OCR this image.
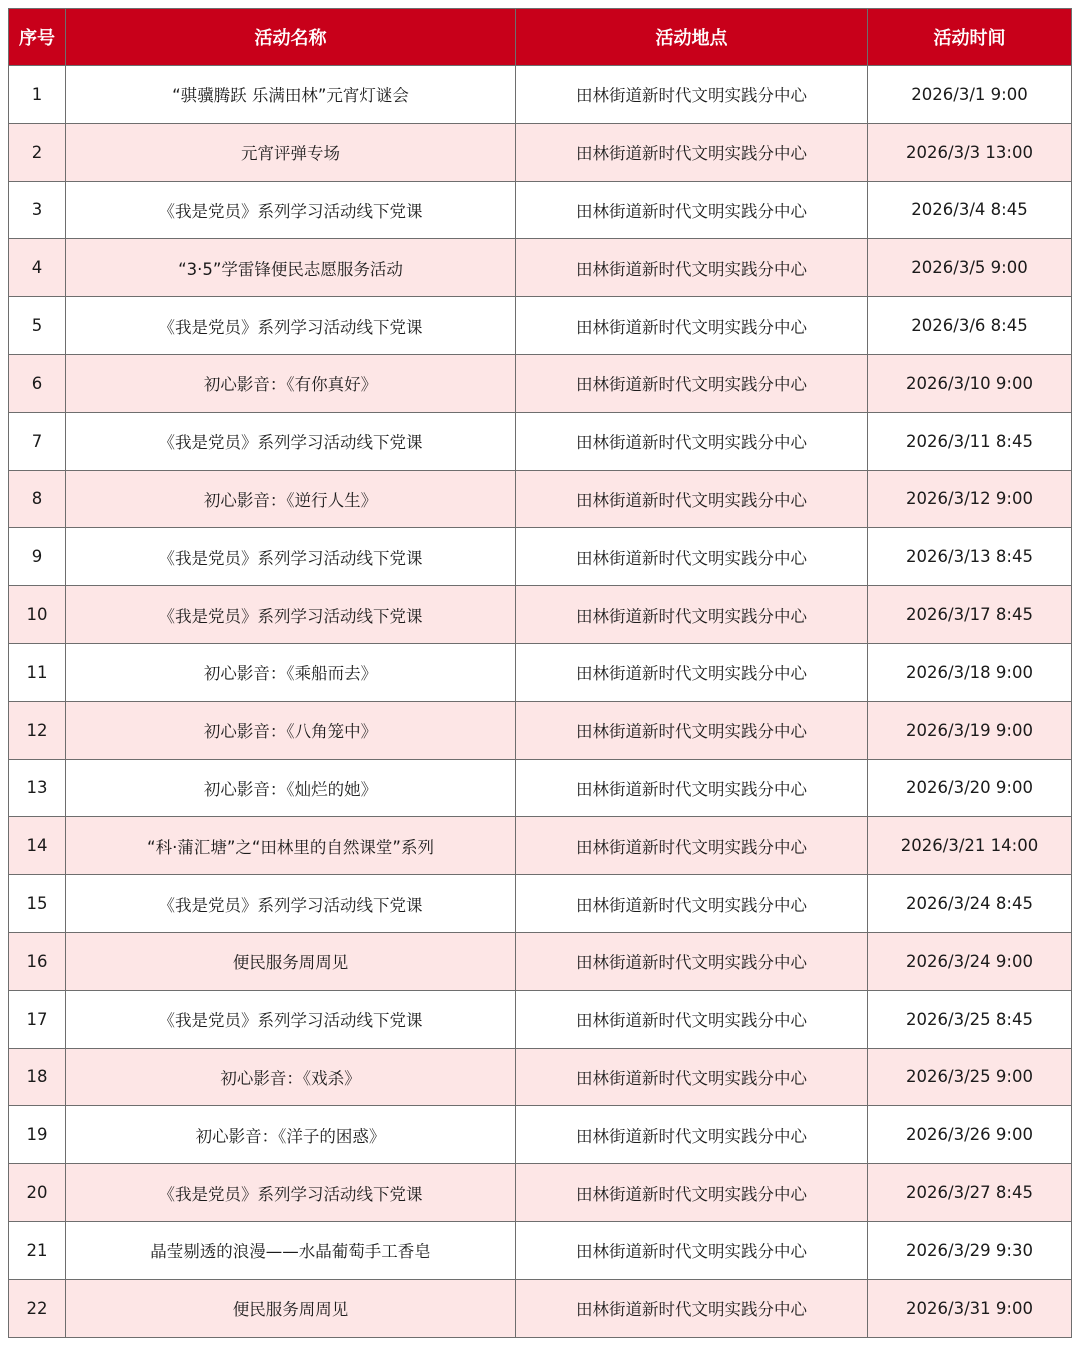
序号	活动名称	活动地点	活动时间
1	“骐骥腾跃 乐满田林”元宵灯谜会	田林街道新时代文明实践分中心	2026/3/1 9:00
2	元宵评弹专场	田林街道新时代文明实践分中心	2026/3/3 13:00
3	《我是党员》系列学习活动线下党课	田林街道新时代文明实践分中心	2026/3/4 8:45
4	“3·5”学雷锋便民志愿服务活动	田林街道新时代文明实践分中心	2026/3/5 9:00
5	《我是党员》系列学习活动线下党课	田林街道新时代文明实践分中心	2026/3/6 8:45
6	初心影音：《有你真好》	田林街道新时代文明实践分中心	2026/3/10 9:00
7	《我是党员》系列学习活动线下党课	田林街道新时代文明实践分中心	2026/3/11 8:45
8	初心影音：《逆行人生》	田林街道新时代文明实践分中心	2026/3/12 9:00
9	《我是党员》系列学习活动线下党课	田林街道新时代文明实践分中心	2026/3/13 8:45
10	《我是党员》系列学习活动线下党课	田林街道新时代文明实践分中心	2026/3/17 8:45
11	初心影音：《乘船而去》	田林街道新时代文明实践分中心	2026/3/18 9:00
12	初心影音：《八角笼中》	田林街道新时代文明实践分中心	2026/3/19 9:00
13	初心影音：《灿烂的她》	田林街道新时代文明实践分中心	2026/3/20 9:00
14	“科·蒲汇塘”之“田林里的自然课堂”系列	田林街道新时代文明实践分中心	2026/3/21 14:00
15	《我是党员》系列学习活动线下党课	田林街道新时代文明实践分中心	2026/3/24 8:45
16	便民服务周周见	田林街道新时代文明实践分中心	2026/3/24 9:00
17	《我是党员》系列学习活动线下党课	田林街道新时代文明实践分中心	2026/3/25 8:45
18	初心影音：《戏杀》	田林街道新时代文明实践分中心	2026/3/25 9:00
19	初心影音：《洋子的困惑》	田林街道新时代文明实践分中心	2026/3/26 9:00
20	《我是党员》系列学习活动线下党课	田林街道新时代文明实践分中心	2026/3/27 8:45
21	晶莹剔透的浪漫——水晶葡萄手工香皂	田林街道新时代文明实践分中心	2026/3/29 9:30
22	便民服务周周见	田林街道新时代文明实践分中心	2026/3/31 9:00
